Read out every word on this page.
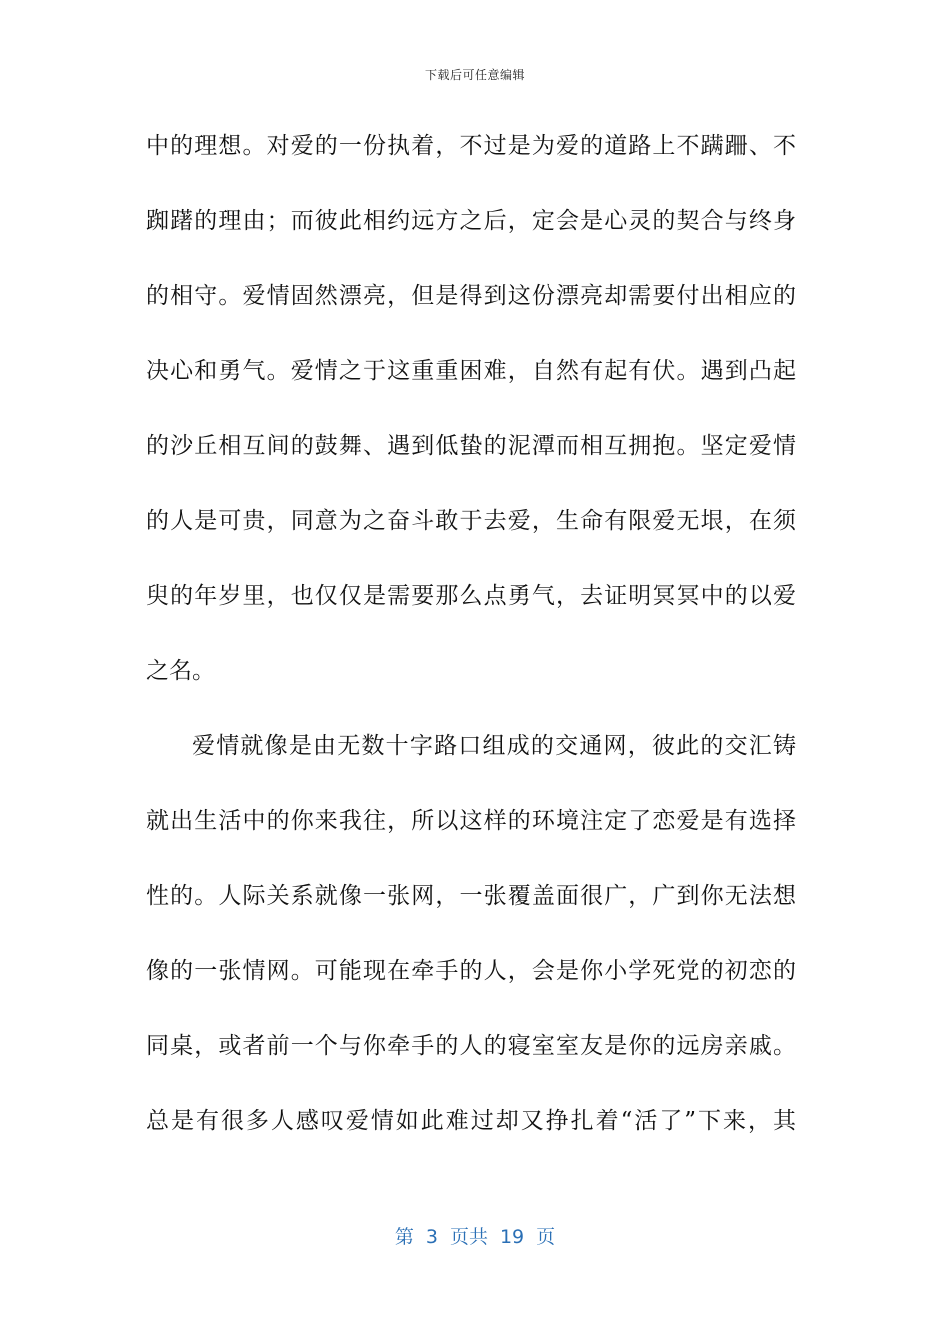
下载后可任意编辑
中的理想。对爱的一份执着，不过是为爱的道路上不蹒跚、不
踟躇的理由；而彼此相约远方之后，定会是心灵的契合与终身
的相守。爱情固然漂亮，但是得到这份漂亮却需要付出相应的
决心和勇气。爱情之于这重重困难，自然有起有伏。遇到凸起
的沙丘相互间的鼓舞、遇到低蛰的泥潭而相互拥抱。坚定爱情
的人是可贵，同意为之奋斗敢于去爱，生命有限爱无垠，在须
臾的年岁里，也仅仅是需要那么点勇气，去证明冥冥中的以爱
之名。
爱情就像是由无数十字路口组成的交通网，彼此的交汇铸
就出生活中的你来我往，所以这样的环境注定了恋爱是有选择
性的。人际关系就像一张网，一张覆盖面很广，广到你无法想
像的一张情网。可能现在牵手的人，会是你小学死党的初恋的
同桌，或者前一个与你牵手的人的寝室室友是你的远房亲戚。
总是有很多人感叹爱情如此难过却又挣扎着“活了”下来，其
第 3 页共 19 页
